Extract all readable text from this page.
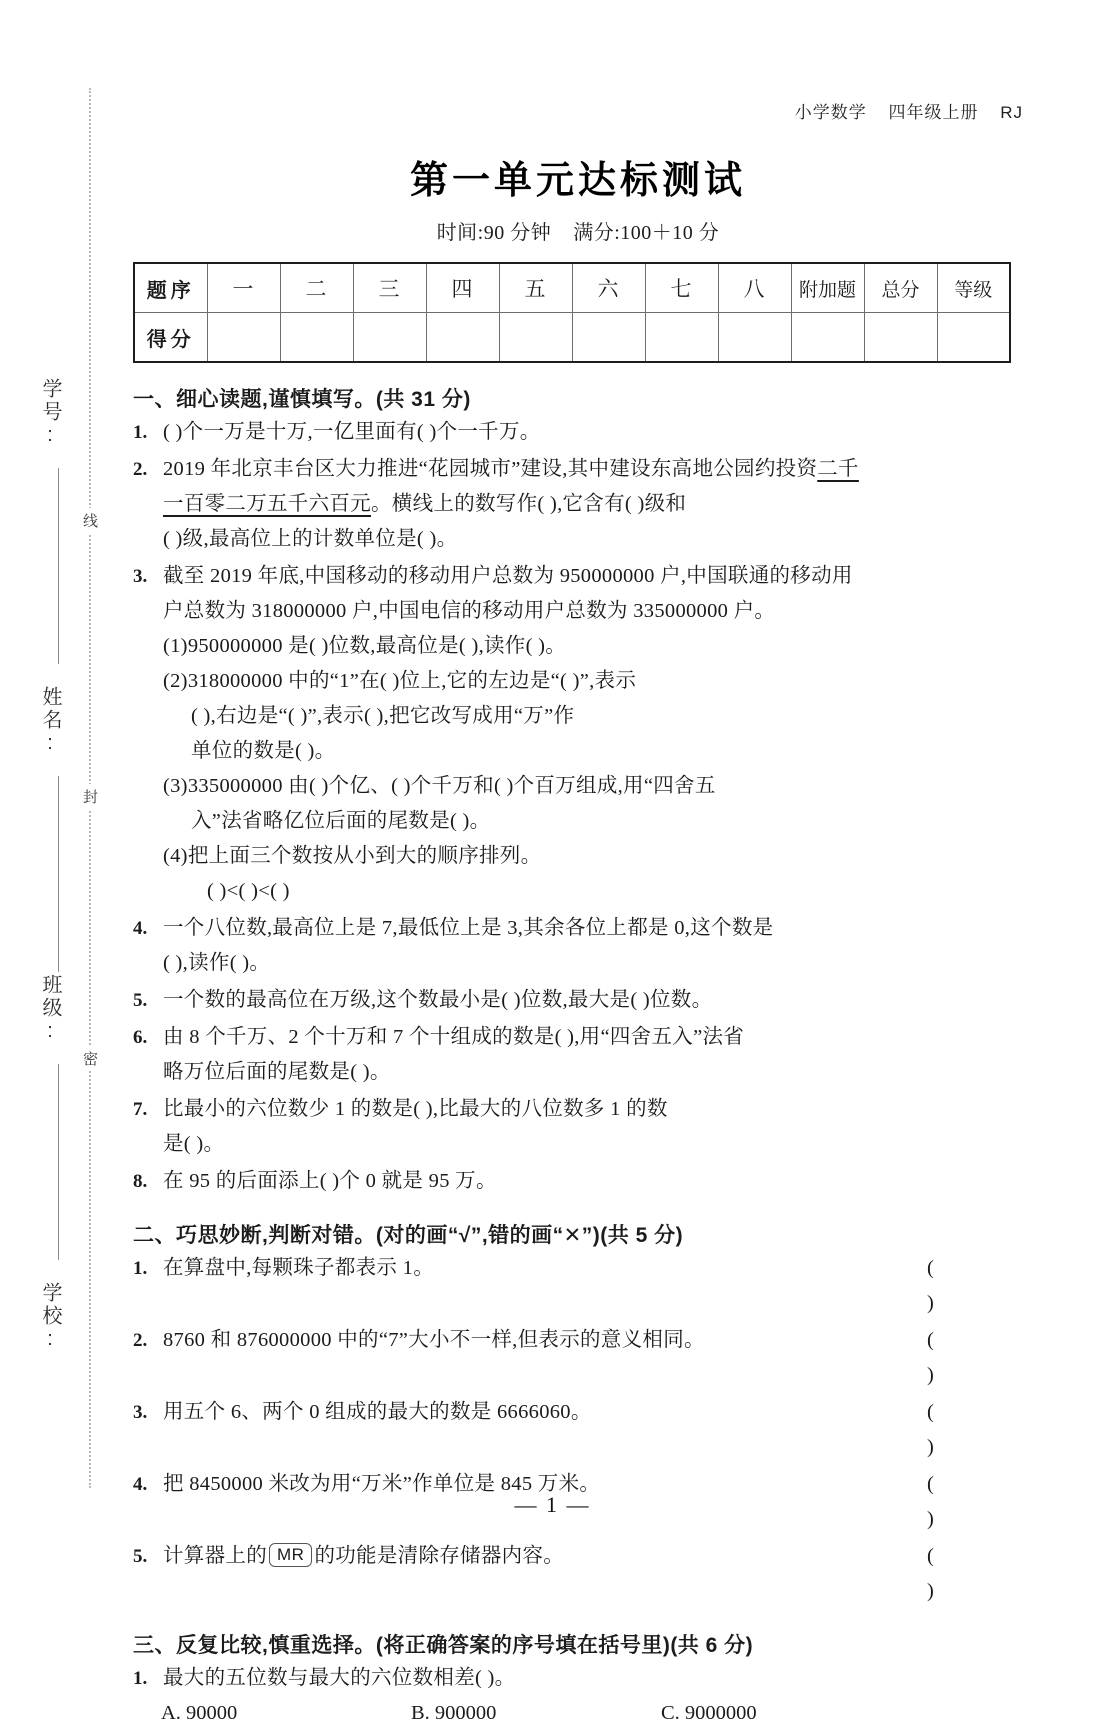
学号:
姓名:
班级:
学校:
线
封
密
小学数学 四年级上册 RJ
第一单元达标测试
时间:90 分钟 满分:100＋10 分
题序	一	二	三	四	五	六	七	八	附加题	总分	等级
得分											
一、细心读题,谨慎填写。(共 31 分)
1. ( )个一万是十万,一亿里面有( )个一千万。
2. 2019 年北京丰台区大力推进“花园城市”建设,其中建设东高地公园约投资二千
一百零二万五千六百元。横线上的数写作( ),它含有( )级和
( )级,最高位上的计数单位是( )。
3. 截至 2019 年底,中国移动的移动用户总数为 950000000 户,中国联通的移动用
户总数为 318000000 户,中国电信的移动用户总数为 335000000 户。
(1)950000000 是( )位数,最高位是( ),读作( )。
(2)318000000 中的“1”在( )位上,它的左边是“( )”,表示
( ),右边是“( )”,表示( ),把它改写成用“万”作
单位的数是( )。
(3)335000000 由( )个亿、( )个千万和( )个百万组成,用“四舍五
入”法省略亿位后面的尾数是( )。
(4)把上面三个数按从小到大的顺序排列。
( )<( )<( )
4. 一个八位数,最高位上是 7,最低位上是 3,其余各位上都是 0,这个数是
( ),读作( )。
5. 一个数的最高位在万级,这个数最小是( )位数,最大是( )位数。
6. 由 8 个千万、2 个十万和 7 个十组成的数是( ),用“四舍五入”法省
略万位后面的尾数是( )。
7. 比最小的六位数少 1 的数是( ),比最大的八位数多 1 的数
是( )。
8. 在 95 的后面添上( )个 0 就是 95 万。
二、巧思妙断,判断对错。(对的画“√”,错的画“✕”)(共 5 分)
1. 在算盘中,每颗珠子都表示 1。	( )
2. 8760 和 876000000 中的“7”大小不一样,但表示的意义相同。	( )
3. 用五个 6、两个 0 组成的最大的数是 6666060。	( )
4. 把 8450000 米改为用“万米”作单位是 845 万米。	( )
5. 计算器上的 MR 的功能是清除存储器内容。	( )
三、反复比较,慎重选择。(将正确答案的序号填在括号里)(共 6 分)
1. 最大的五位数与最大的六位数相差( )。
A. 90000	B. 900000	C. 9000000
— 1 —
